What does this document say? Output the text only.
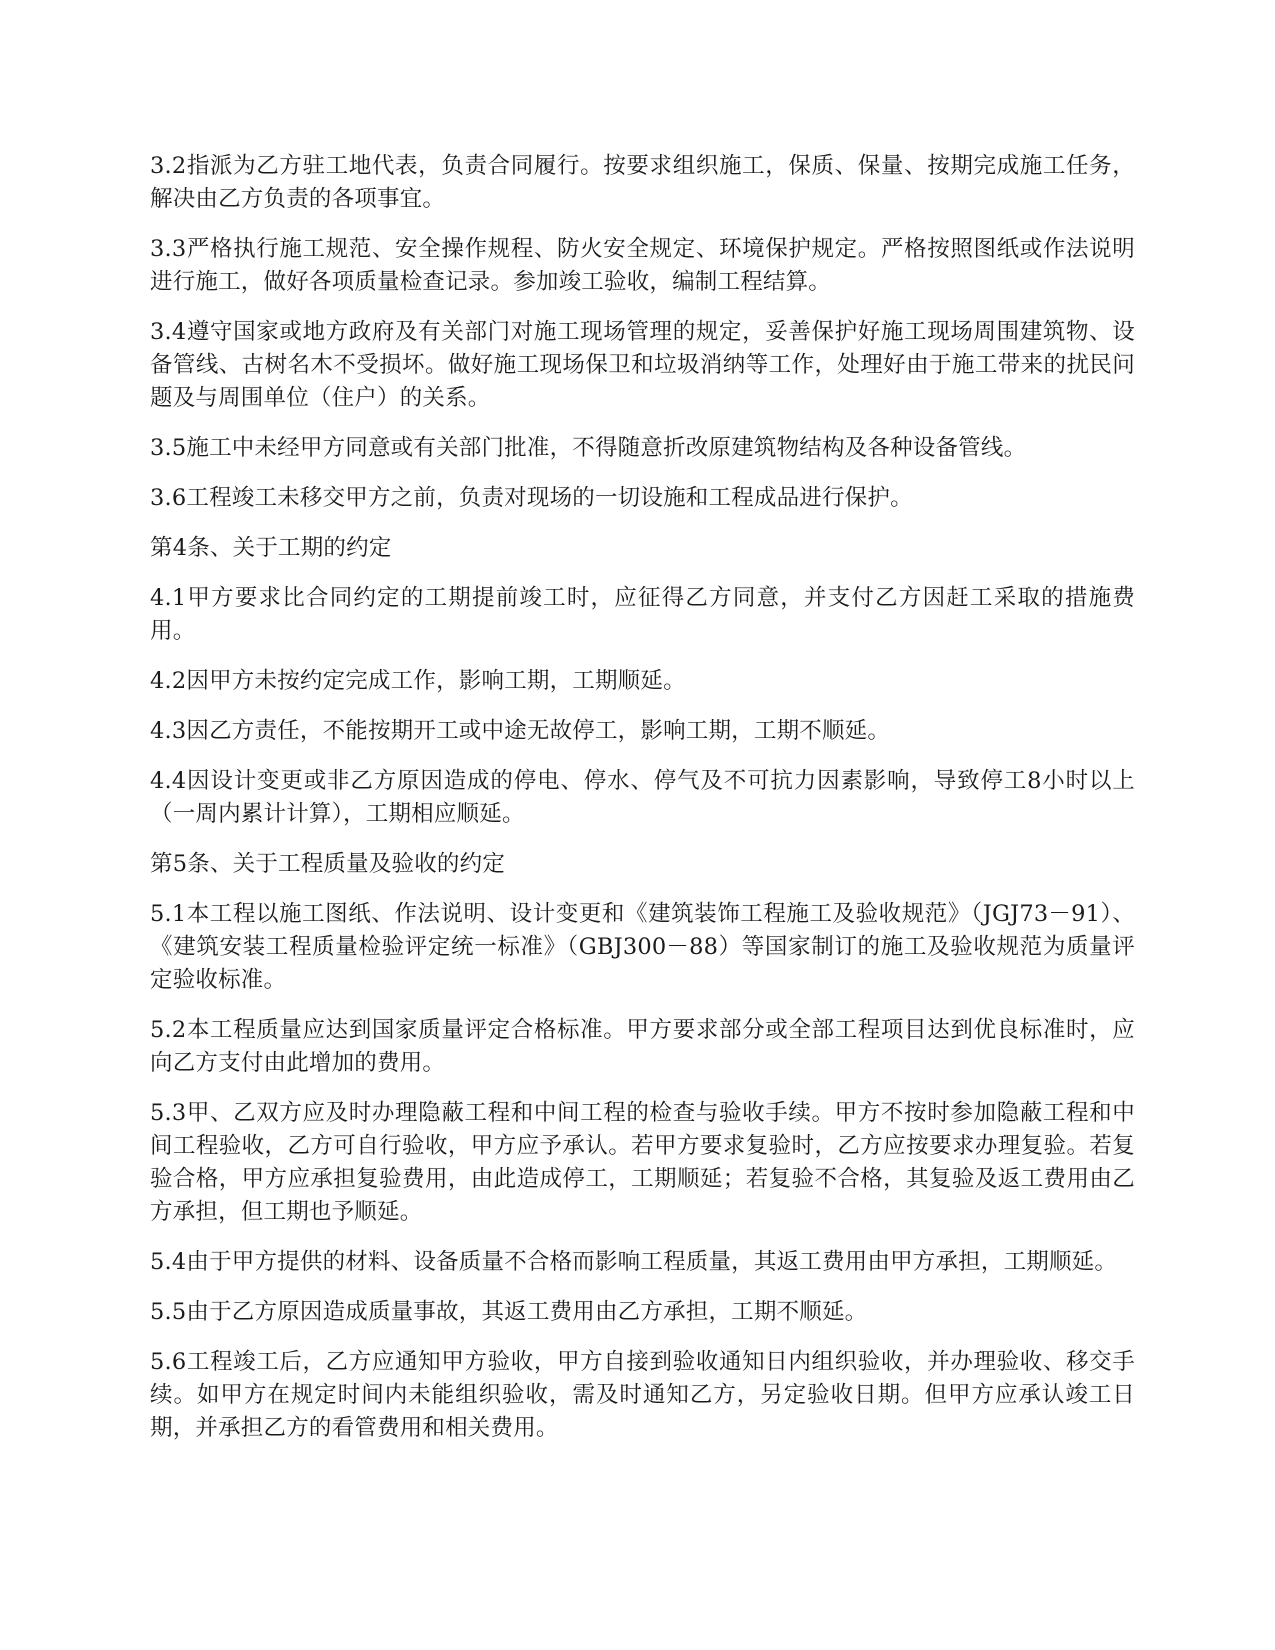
3.2指派为乙方驻工地代表，负责合同履行。按要求组织施工，保质、保量、按期完成施工任务，解决由乙方负责的各项事宜。

3.3严格执行施工规范、安全操作规程、防火安全规定、环境保护规定。严格按照图纸或作法说明进行施工，做好各项质量检查记录。参加竣工验收，编制工程结算。

3.4遵守国家或地方政府及有关部门对施工现场管理的规定，妥善保护好施工现场周围建筑物、设备管线、古树名木不受损坏。做好施工现场保卫和垃圾消纳等工作，处理好由于施工带来的扰民问题及与周围单位（住户）的关系。

3.5施工中未经甲方同意或有关部门批准，不得随意折改原建筑物结构及各种设备管线。

3.6工程竣工未移交甲方之前，负责对现场的一切设施和工程成品进行保护。

第4条、关于工期的约定

4.1甲方要求比合同约定的工期提前竣工时，应征得乙方同意，并支付乙方因赶工采取的措施费用。

4.2因甲方未按约定完成工作，影响工期，工期顺延。

4.3因乙方责任，不能按期开工或中途无故停工，影响工期，工期不顺延。

4.4因设计变更或非乙方原因造成的停电、停水、停气及不可抗力因素影响，导致停工8小时以上（一周内累计计算），工期相应顺延。

第5条、关于工程质量及验收的约定

5.1本工程以施工图纸、作法说明、设计变更和《建筑装饰工程施工及验收规范》（JGJ73－91）、《建筑安装工程质量检验评定统一标准》（GBJ300－88）等国家制订的施工及验收规范为质量评定验收标准。

5.2本工程质量应达到国家质量评定合格标准。甲方要求部分或全部工程项目达到优良标准时，应向乙方支付由此增加的费用。

5.3甲、乙双方应及时办理隐蔽工程和中间工程的检查与验收手续。甲方不按时参加隐蔽工程和中间工程验收，乙方可自行验收，甲方应予承认。若甲方要求复验时，乙方应按要求办理复验。若复验合格，甲方应承担复验费用，由此造成停工，工期顺延；若复验不合格，其复验及返工费用由乙方承担，但工期也予顺延。

5.4由于甲方提供的材料、设备质量不合格而影响工程质量，其返工费用由甲方承担，工期顺延。

5.5由于乙方原因造成质量事故，其返工费用由乙方承担，工期不顺延。

5.6工程竣工后，乙方应通知甲方验收，甲方自接到验收通知日内组织验收，并办理验收、移交手续。如甲方在规定时间内未能组织验收，需及时通知乙方，另定验收日期。但甲方应承认竣工日期，并承担乙方的看管费用和相关费用。
